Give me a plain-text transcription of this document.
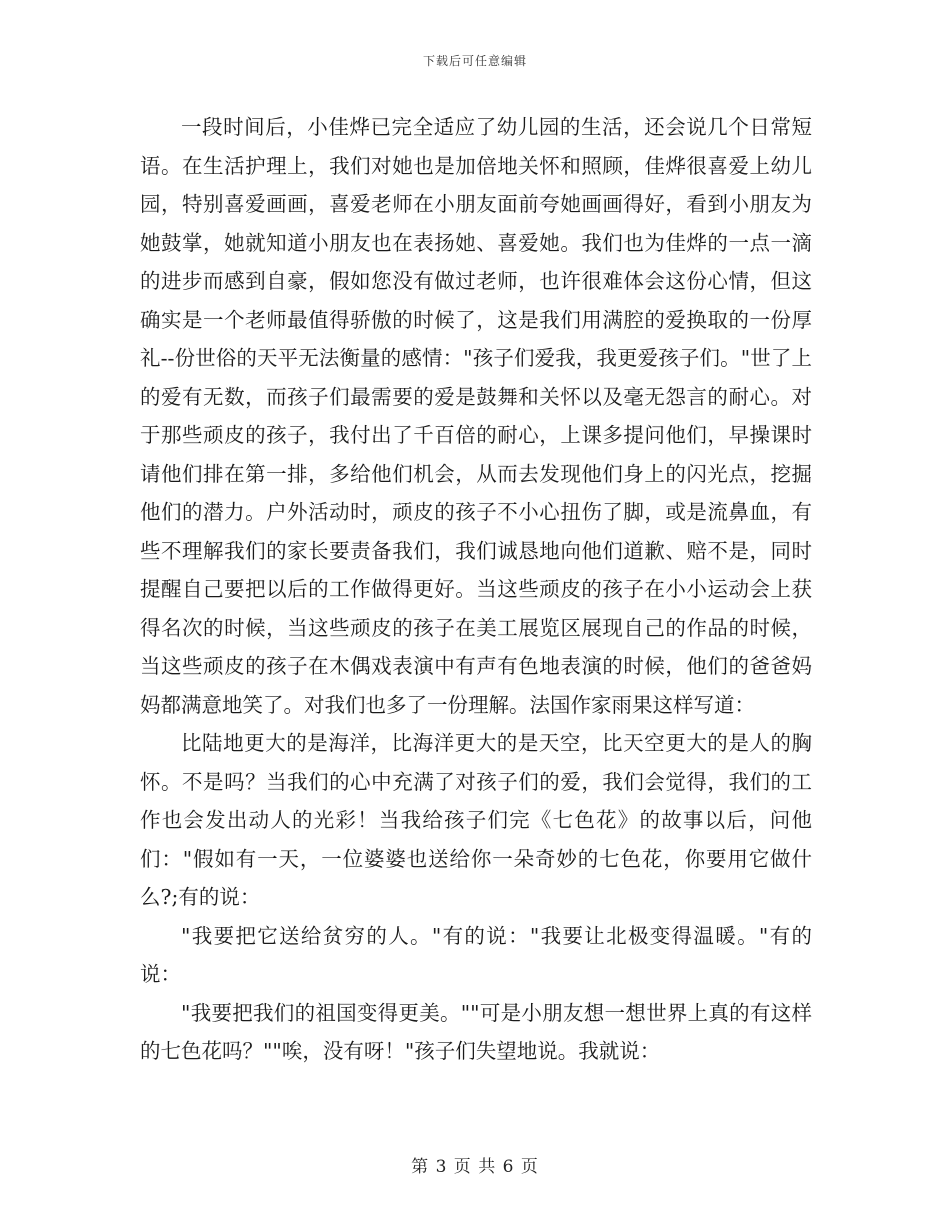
下载后可任意编辑

一段时间后，小佳烨已完全适应了幼儿园的生活，还会说几个日常短语。在生活护理上，我们对她也是加倍地关怀和照顾，佳烨很喜爱上幼儿园，特别喜爱画画，喜爱老师在小朋友面前夸她画画得好，看到小朋友为她鼓掌，她就知道小朋友也在表扬她、喜爱她。我们也为佳烨的一点一滴的进步而感到自豪，假如您没有做过老师，也许很难体会这份心情，但这确实是一个老师最值得骄傲的时候了，这是我们用满腔的爱换取的一份厚礼--份世俗的天平无法衡量的感情："孩子们爱我，我更爱孩子们。"世了上的爱有无数，而孩子们最需要的爱是鼓舞和关怀以及毫无怨言的耐心。对于那些顽皮的孩子，我付出了千百倍的耐心，上课多提问他们，早操课时请他们排在第一排，多给他们机会，从而去发现他们身上的闪光点，挖掘他们的潜力。户外活动时，顽皮的孩子不小心扭伤了脚，或是流鼻血，有些不理解我们的家长要责备我们，我们诚恳地向他们道歉、赔不是，同时提醒自己要把以后的工作做得更好。当这些顽皮的孩子在小小运动会上获得名次的时候，当这些顽皮的孩子在美工展览区展现自己的作品的时候，当这些顽皮的孩子在木偶戏表演中有声有色地表演的时候，他们的爸爸妈妈都满意地笑了。对我们也多了一份理解。法国作家雨果这样写道：

比陆地更大的是海洋，比海洋更大的是天空，比天空更大的是人的胸怀。不是吗？当我们的心中充满了对孩子们的爱，我们会觉得，我们的工作也会发出动人的光彩！当我给孩子们完《七色花》的故事以后，问他们："假如有一天，一位婆婆也送给你一朵奇妙的七色花，你要用它做什么?;有的说：

"我要把它送给贫穷的人。"有的说："我要让北极变得温暖。"有的说：

"我要把我们的祖国变得更美。""可是小朋友想一想世界上真的有这样的七色花吗？""唉，没有呀！"孩子们失望地说。我就说：

第 3 页 共 6 页
